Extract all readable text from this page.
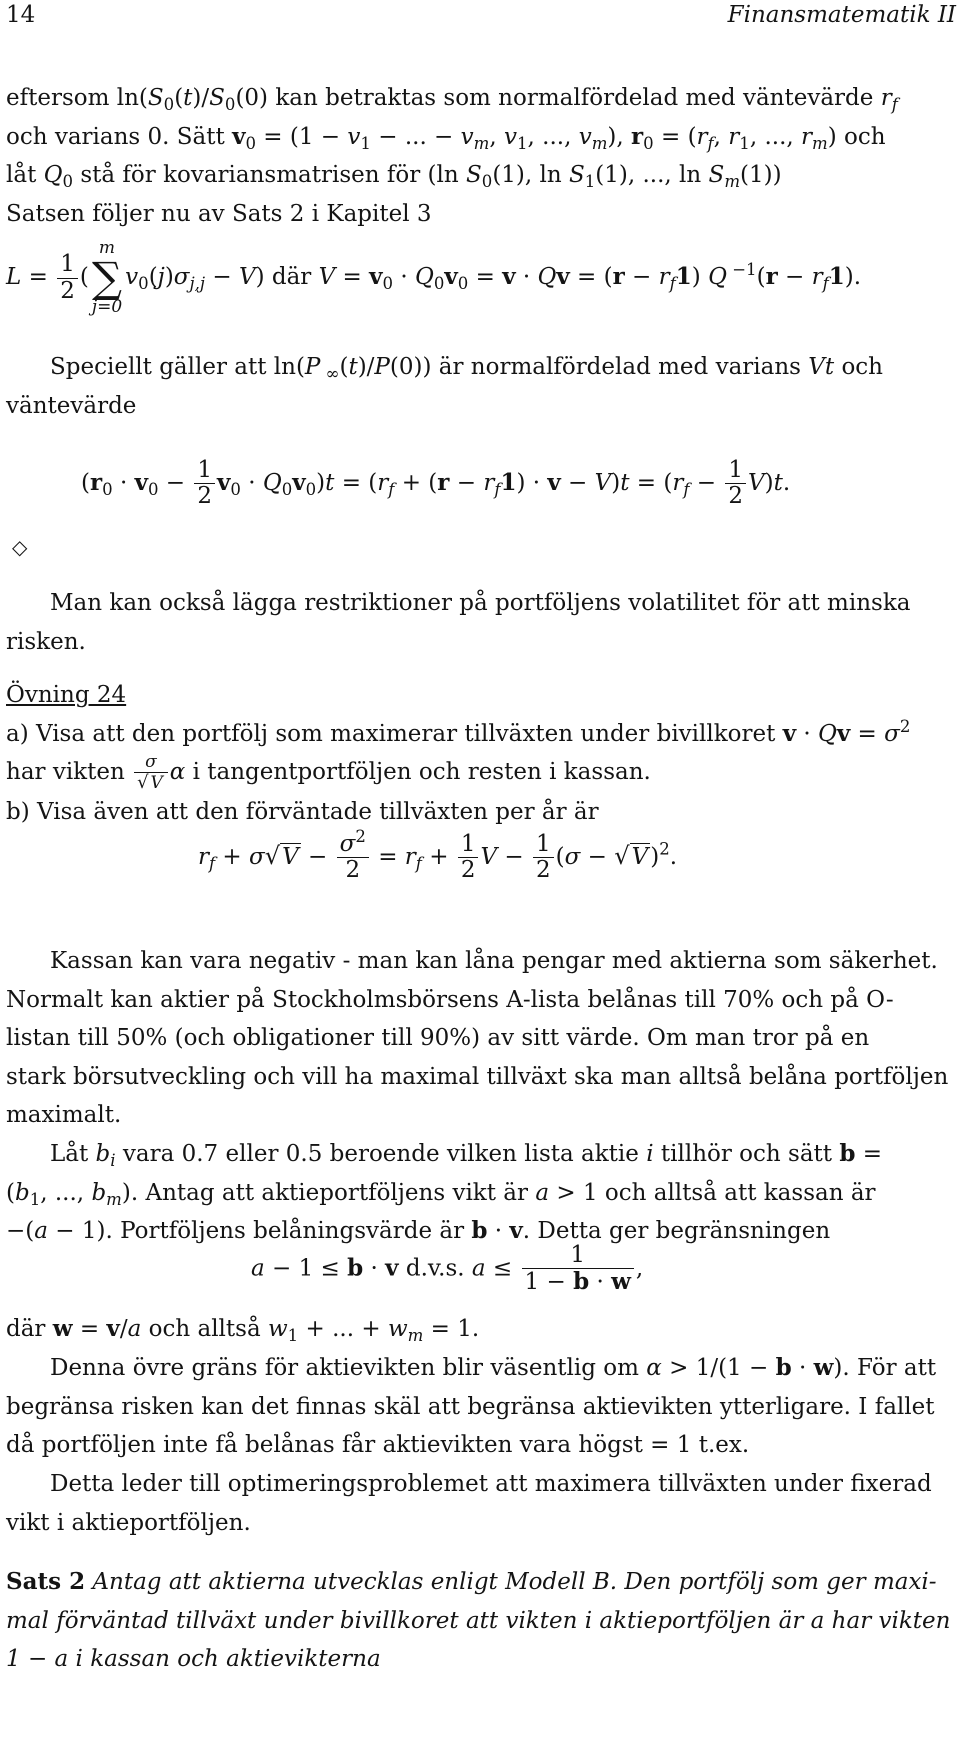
14	Finansmatematik II
eftersom $\ln(S_0(t)/S_0(0)$ kan betraktas som normalfördelad med väntevärde $r_f$
och varians 0. Sätt $v_0 = (1 - v_1$ − ... − $v_m$, $v_1$, ..., $v_m$), $r_0 = (r_f$, $r_1$, ..., $r_m$) och
låt $Q_0$ stå för kovariansmatrisen för (ln $S_0(1)$, $\ln S_1(1)$, ..., $\ln S_m(1)$)
Satsen följer nu av Sats 2 i Kapitel 3
$L = \frac{1}{2}$ (
m
∑
j=0
$v_0(j)\sigma_{j,j} - V$) där $V = v_0 \cdot Q_0v_0 = v \cdot Qv = (r - r_f1)$ Q $^{-1}(r - r_f1)$.
Speciellt gäller att ln(P $_\infty$(t)/P(0)) är normalfördelad med varians Vt och
väntevärde
$(r_0 \cdot v_0 - \frac{1}{2} v_0 \cdot Q_0v_0)t = (r_f + (r - r_f1) \cdot v - V)t = (r_f - \frac{1}{2} V)t$.
◇
Man kan också lägga restriktioner på portföljens volatilitet för att minska
risken.
Övning 24
a) Visa att den portfölj som maximerar tillväxten under bivillkoret $v \cdot Qv = \sigma^2$
har vikten $\frac{\sigma}{√ V}$ α i tangentportföljen och resten i kassan.
b) Visa även att den förväntade tillväxten per år är
$r_f + \sigma√V - \frac{\sigma^2}{2} = r_f + \frac{1}{2}$ $V - \frac{1}{2} (\sigma - √V)^2$.
Kassan kan vara negativ - man kan låna pengar med aktierna som säkerhet.
Normalt kan aktier på Stockholmsbörsens A-lista belånas till 70% och på O-
listan till 50% (och obligationer till 90%) av sitt värde. Om man tror på en
stark börsutveckling och vill ha maximal tillväxt ska man alltså belåna portföljen
maximalt.
Låt $b_i$ vara 0.7 eller 0.5 beroende vilken lista aktie i tillhör och sätt b =
($b_1$, ..., $b_m$). Antag att aktieportföljens vikt är a > 1 och alltså att kassan är
−(a − 1). Portföljens belåningsvärde är b · v. Detta ger begränsningen
a − 1 ≤ b · v d.v.s. $a \le \frac{1}{1 - b \cdot w}$ ,
där w = v/a och alltså $w_1$ + ... + $w_m = 1$.
Denna övre gräns för aktievikten blir väsentlig om α > 1/(1 − b · w). För att
begränsa risken kan det finnas skäl att begränsa aktievikten ytterligare. I fallet
då portföljen inte få belånas får aktievikten vara högst = 1 t.ex.
Detta leder till optimeringsproblemet att maximera tillväxten under fixerad
vikt i aktieportföljen.
Sats 2 Antag att aktierna utvecklas enligt Modell B. Den portfölj som ger maxi-
mal förväntad tillväxt under bivillkoret att vikten i aktieportföljen är a har vikten
1 − a i kassan och aktievikterna
